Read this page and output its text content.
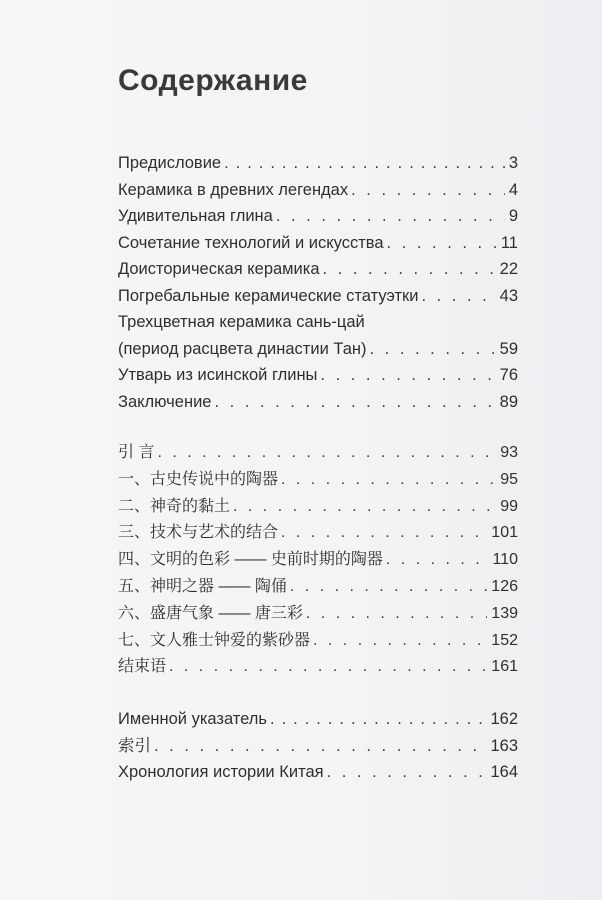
Содержание
Предисловие . . .	3
Керамика в древних легендах . . .	4
Удивительная глина . . .	9
Сочетание технологий и искусства . . .	11
Доисторическая керамика . . .	22
Погребальные керамические статуэтки . . .	43
Трехцветная керамика сань-цай
(период расцвета династии Тан) . . .	59
Утварь из исинской глины . . .	76
Заключение . . .	89
引 言 . . .	93
一、古史传说中的陶器 . . .	95
二、神奇的黏土 . . .	99
三、技术与艺术的结合 . . .	101
四、文明的色彩 —— 史前时期的陶器 . . .	110
五、神明之器 —— 陶俑 . . .	126
六、盛唐气象 —— 唐三彩 . . .	139
七、文人雅士钟爱的紫砂器 . . .	152
结束语 . . .	161
Именной указатель . . .	162
索引 . . .	163
Хронология истории Китая . . .	164
